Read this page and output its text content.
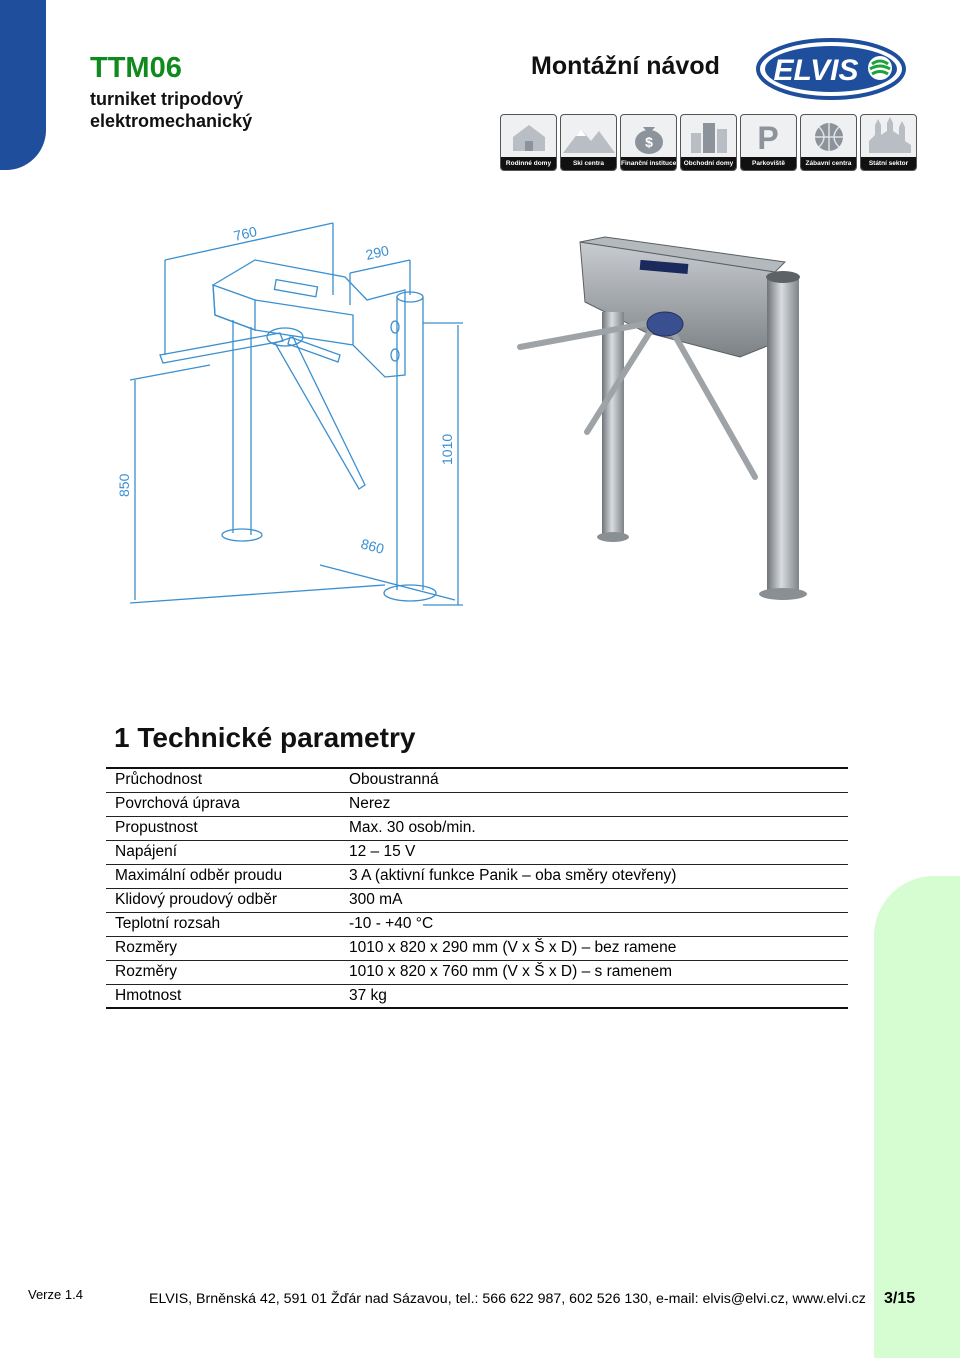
TTM06
turniket tripodový
elektromechanický
Montážní návod ELVIS
Rodinné domy	Ski centra
$
Finanční instituce	Obchodní domy
P
Parkoviště	Zábavní centra	Státní sektor
760
290
1010
850
860
1 Technické parametry
Průchodnost	Oboustranná
Povrchová úprava	Nerez
Propustnost	Max. 30 osob/min.
Napájení	12 – 15 V
Maximální odběr proudu	3 A (aktivní funkce Panik – oba směry otevřeny)
Klidový proudový odběr	300 mA
Teplotní rozsah	-10 - +40 °C
Rozměry	1010 x 820 x 290 mm (V x Š x D) – bez ramene
Rozměry	1010 x 820 x 760 mm (V x Š x D) – s ramenem
Hmotnost	37 kg
Verze 1.4	ELVIS, Brněnská 42, 591 01 Žďár nad Sázavou, tel.: 566 622 987, 602 526 130, e-mail: elvis@elvi.cz, www.elvi.cz 3/15
